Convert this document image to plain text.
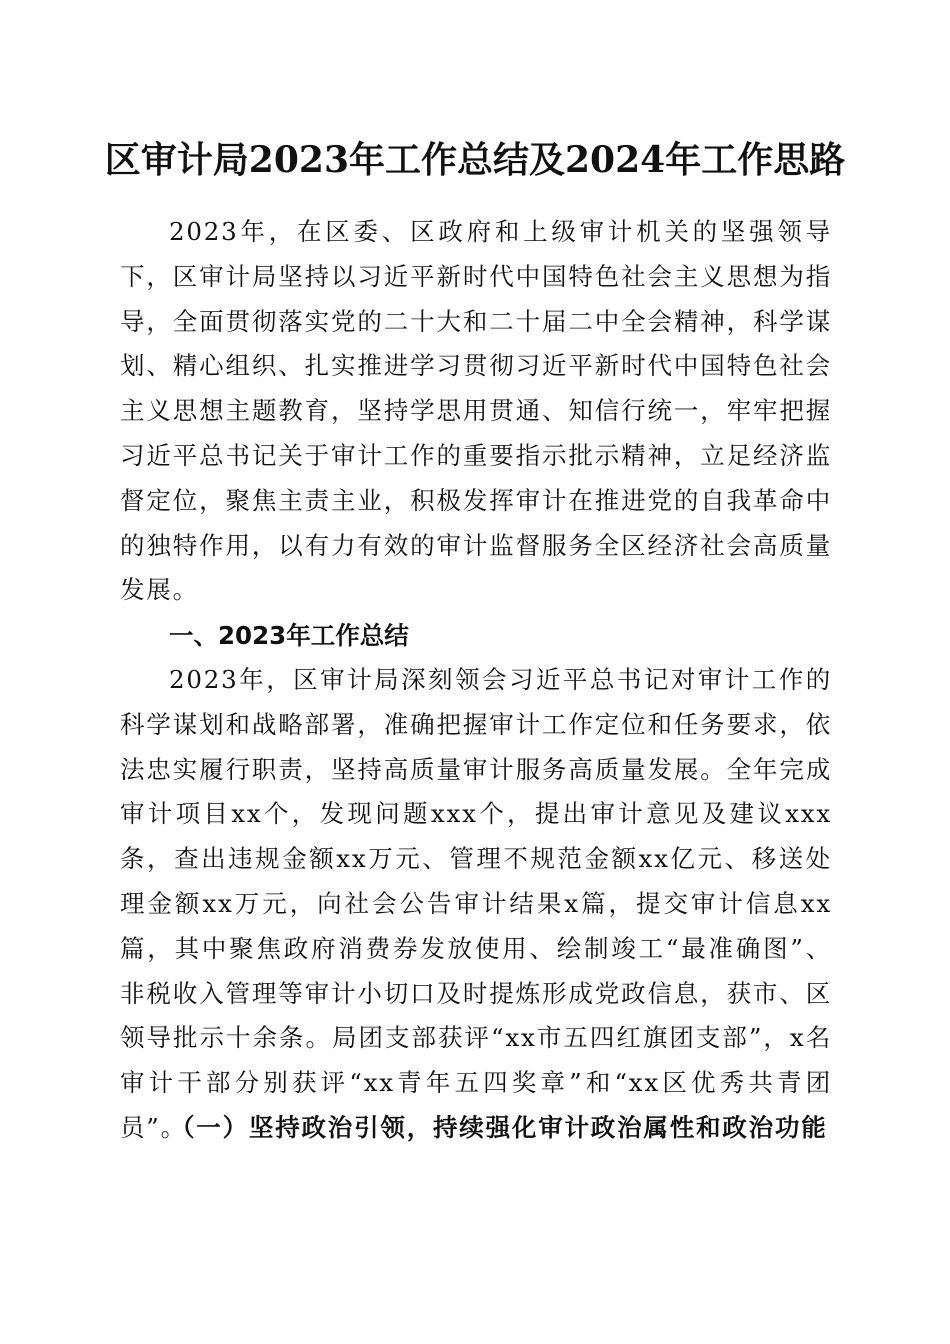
区审计局2023年工作总结及2024年工作思路

2023年，在区委、区政府和上级审计机关的坚强领导下，区审计局坚持以习近平新时代中国特色社会主义思想为指导，全面贯彻落实党的二十大和二十届二中全会精神，科学谋划、精心组织、扎实推进学习贯彻习近平新时代中国特色社会主义思想主题教育，坚持学思用贯通、知信行统一，牢牢把握习近平总书记关于审计工作的重要指示批示精神，立足经济监督定位，聚焦主责主业，积极发挥审计在推进党的自我革命中的独特作用，以有力有效的审计监督服务全区经济社会高质量发展。

一、2023年工作总结

2023年，区审计局深刻领会习近平总书记对审计工作的科学谋划和战略部署，准确把握审计工作定位和任务要求，依法忠实履行职责，坚持高质量审计服务高质量发展。全年完成审计项目xx个，发现问题xxx个，提出审计意见及建议xxx条，查出违规金额xx万元、管理不规范金额xx亿元、移送处理金额xx万元，向社会公告审计结果x篇，提交审计信息xx篇，其中聚焦政府消费券发放使用、绘制竣工“最准确图”、非税收入管理等审计小切口及时提炼形成党政信息，获市、区领导批示十余条。局团支部获评“xx市五四红旗团支部”，x名审计干部分别获评“xx青年五四奖章”和“xx区优秀共青团员”。

（一）坚持政治引领，持续强化审计政治属性和政治功能
